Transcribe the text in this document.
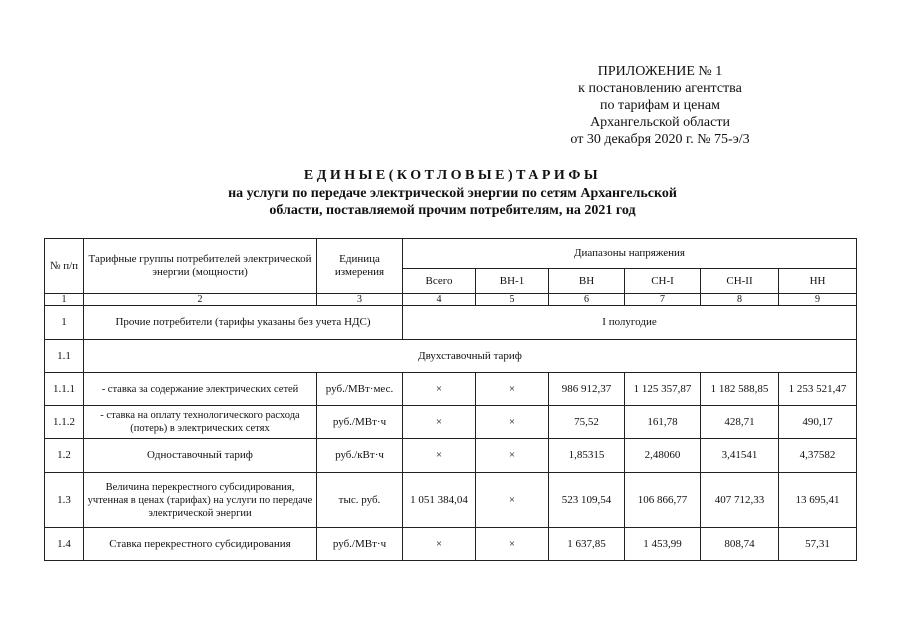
ПРИЛОЖЕНИЕ № 1
к постановлению агентства
по тарифам и ценам
Архангельской области
от 30 декабря 2020 г. № 75-э/3
ЕДИНЫЕ(КОТЛОВЫЕ)ТАРИФЫ
на услуги по передаче электрической энергии по сетям Архангельской
области, поставляемой прочим потребителям, на 2021 год
№ п/п	Тарифные группы потребителей электрической энергии (мощности)	Единица измерения	Диапазоны напряжения					
			Всего	ВН-1	ВН	СН-I	СН-II	НН
1	2	3	4	5	6	7	8	9
1	Прочие потребители (тарифы указаны без учета НДС)		I полугодие					
1.1	Двухставочный тариф							
1.1.1	- ставка за содержание электрических сетей	руб./МВт·мес.	×	×	986 912,37	1 125 357,87	1 182 588,85	1 253 521,47
1.1.2	- ставка на оплату технологического расхода (потерь) в электрических сетях	руб./МВт·ч	×	×	75,52	161,78	428,71	490,17
1.2	Одноставочный тариф	руб./кВт·ч	×	×	1,85315	2,48060	3,41541	4,37582
1.3	Величина перекрестного субсидирования, учтенная в ценах (тарифах) на услуги по передаче электрической энергии	тыс. руб.	1 051 384,04	×	523 109,54	106 866,77	407 712,33	13 695,41
1.4	Ставка перекрестного субсидирования	руб./МВт·ч	×	×	1 637,85	1 453,99	808,74	57,31
